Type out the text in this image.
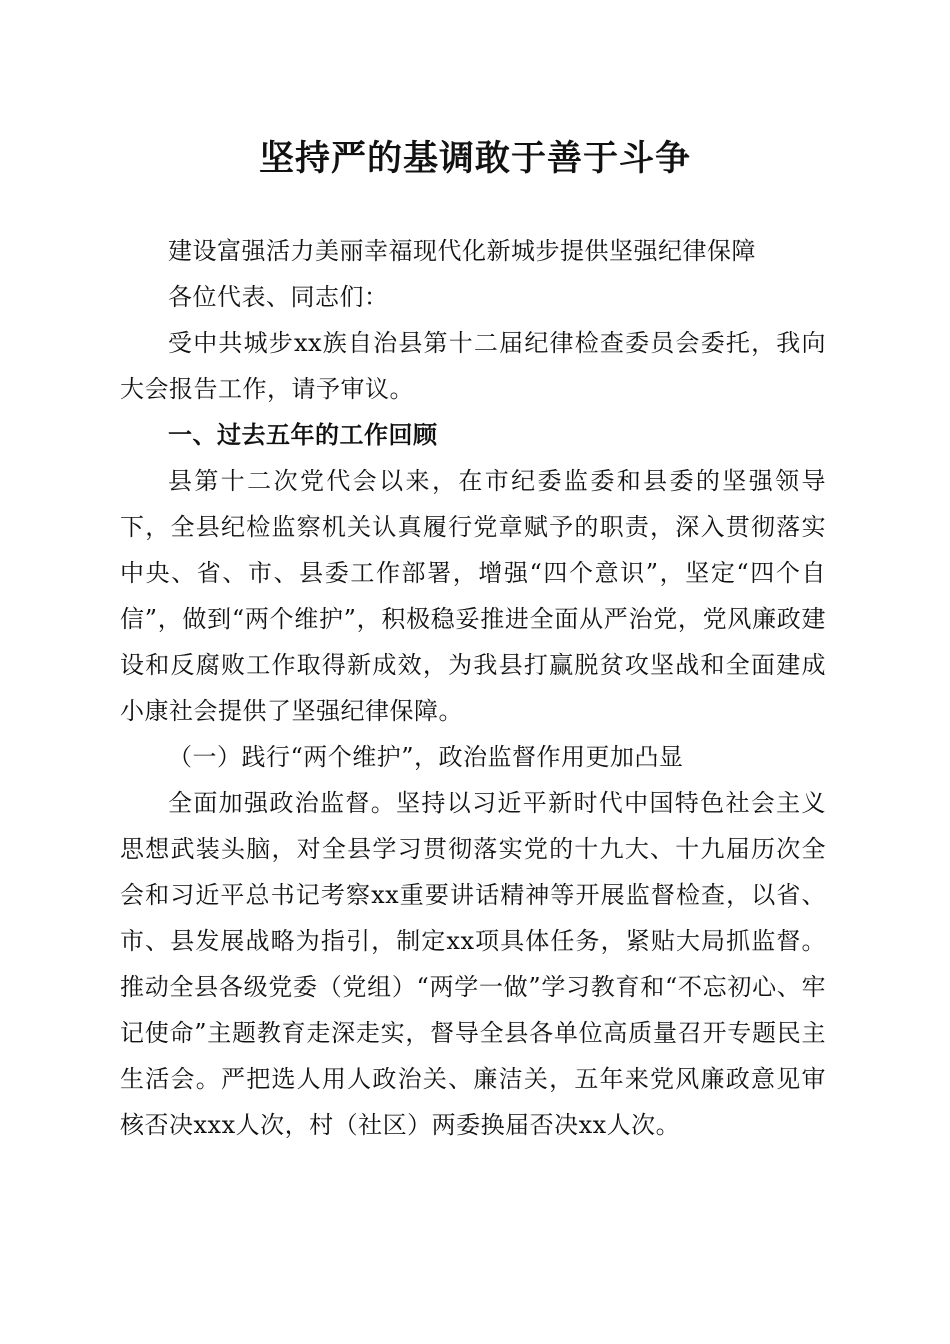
坚持严的基调敢于善于斗争

建设富强活力美丽幸福现代化新城步提供坚强纪律保障

各位代表、同志们：

受中共城步xx族自治县第十二届纪律检查委员会委托，我向大会报告工作，请予审议。

一、过去五年的工作回顾

县第十二次党代会以来，在市纪委监委和县委的坚强领导下，全县纪检监察机关认真履行党章赋予的职责，深入贯彻落实中央、省、市、县委工作部署，增强“四个意识”，坚定“四个自信”，做到“两个维护”，积极稳妥推进全面从严治党，党风廉政建设和反腐败工作取得新成效，为我县打赢脱贫攻坚战和全面建成小康社会提供了坚强纪律保障。

（一）践行“两个维护”，政治监督作用更加凸显

全面加强政治监督。坚持以习近平新时代中国特色社会主义思想武装头脑，对全县学习贯彻落实党的十九大、十九届历次全会和习近平总书记考察xx重要讲话精神等开展监督检查，以省、市、县发展战略为指引，制定xx项具体任务，紧贴大局抓监督。推动全县各级党委（党组）“两学一做”学习教育和“不忘初心、牢记使命”主题教育走深走实，督导全县各单位高质量召开专题民主生活会。严把选人用人政治关、廉洁关，五年来党风廉政意见审核否决xxx人次，村（社区）两委换届否决xx人次。
